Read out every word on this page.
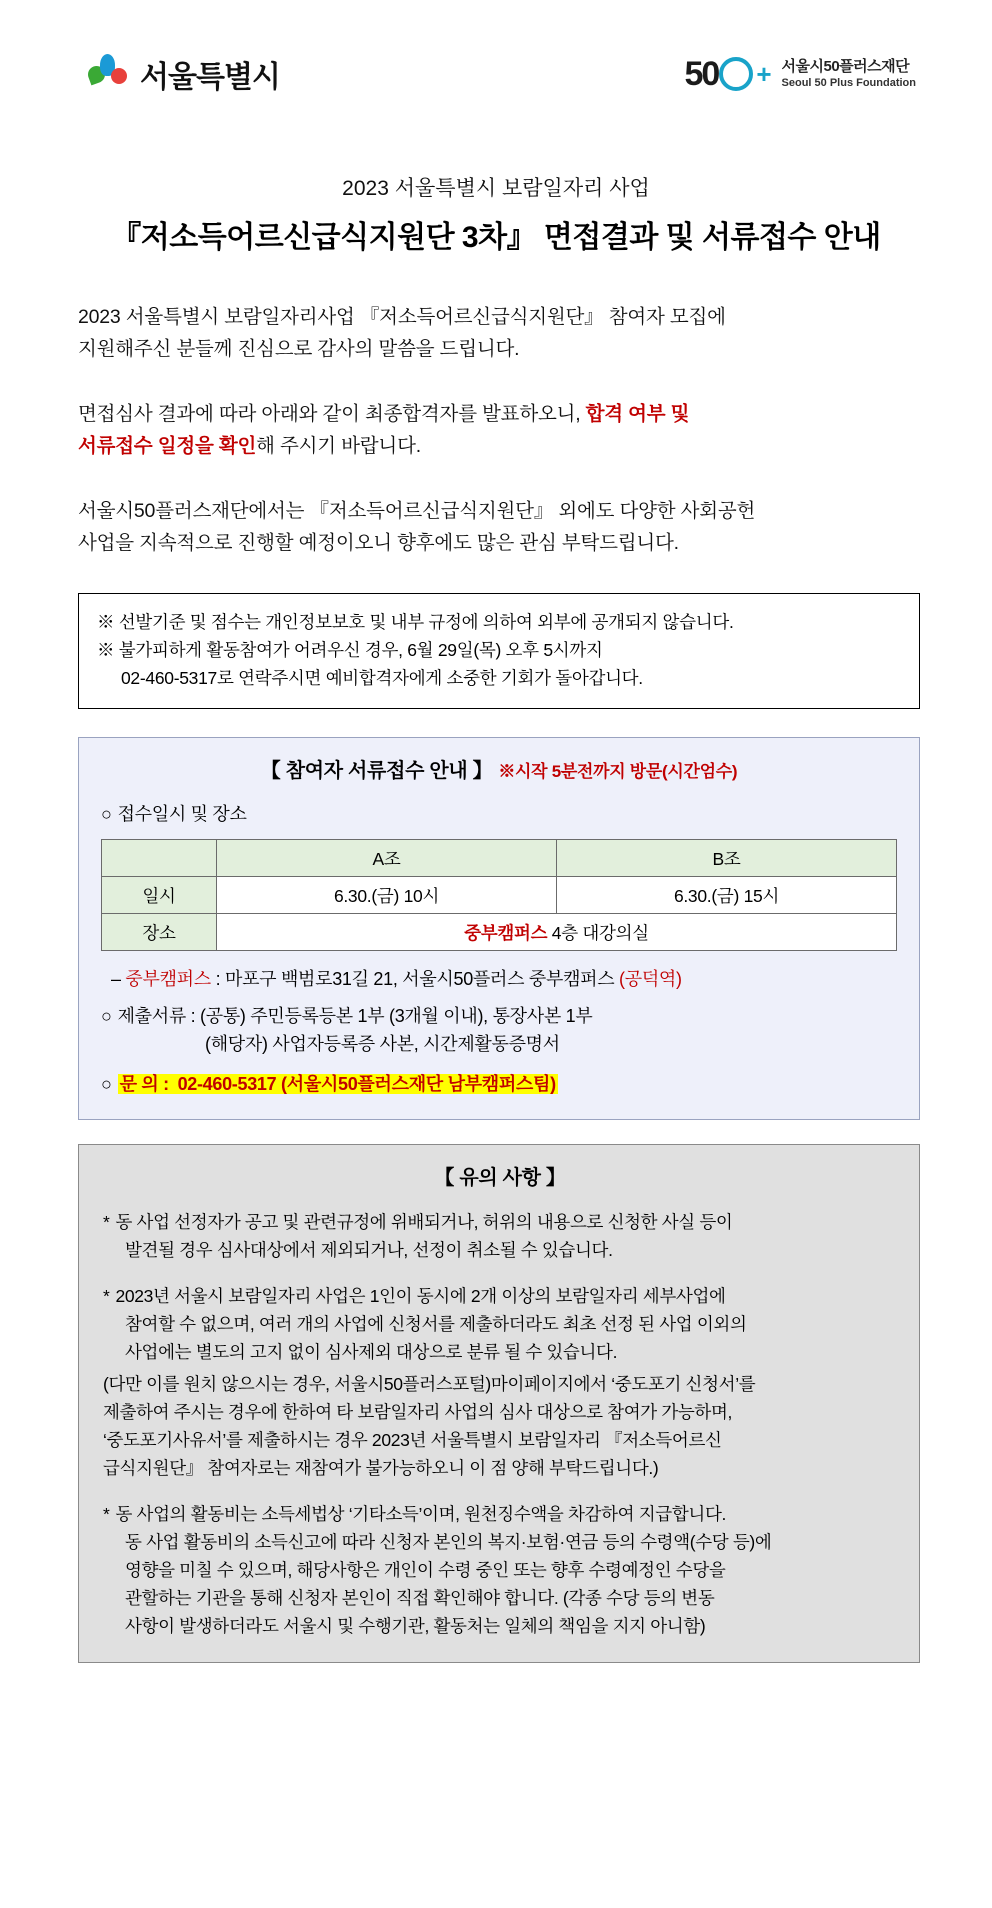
서울특별시	50 + 서울시50플러스재단
Seoul 50 Plus Foundation
2023 서울특별시 보람일자리 사업
『저소득어르신급식지원단 3차』 면접결과 및 서류접수 안내
2023 서울특별시 보람일자리사업 『저소득어르신급식지원단』 참여자 모집에
지원해주신 분들께 진심으로 감사의 말씀을 드립니다.
면접심사 결과에 따라 아래와 같이 최종합격자를 발표하오니, 합격 여부 및
서류접수 일정을 확인해 주시기 바랍니다.
서울시50플러스재단에서는 『저소득어르신급식지원단』 외에도 다양한 사회공헌
사업을 지속적으로 진행할 예정이오니 향후에도 많은 관심 부탁드립니다.
※ 선발기준 및 점수는 개인정보보호 및 내부 규정에 의하여 외부에 공개되지 않습니다.
※ 불가피하게 활동참여가 어려우신 경우, 6월 29일(목) 오후 5시까지
02-460-5317로 연락주시면 예비합격자에게 소중한 기회가 돌아갑니다.
【 참여자 서류접수 안내 】 ※시작 5분전까지 방문(시간엄수)
○ 접수일시 및 장소
	A조	B조
일시	6.30.(금) 10시	6.30.(금) 15시
장소	중부캠퍼스 4층 대강의실	
– 중부캠퍼스 : 마포구 백범로31길 21, 서울시50플러스 중부캠퍼스 (공덕역)
○ 제출서류 : (공통) 주민등록등본 1부 (3개월 이내), 통장사본 1부
(해당자) 사업자등록증 사본, 시간제활동증명서
○ 문 의 : 02-460-5317 (서울시50플러스재단 남부캠퍼스팀)
【 유의 사항 】
* 동 사업 선정자가 공고 및 관련규정에 위배되거나, 허위의 내용으로 신청한 사실 등이
발견될 경우 심사대상에서 제외되거나, 선정이 취소될 수 있습니다.
* 2023년 서울시 보람일자리 사업은 1인이 동시에 2개 이상의 보람일자리 세부사업에
참여할 수 없으며, 여러 개의 사업에 신청서를 제출하더라도 최초 선정 된 사업 이외의
사업에는 별도의 고지 없이 심사제외 대상으로 분류 될 수 있습니다.
(다만 이를 원치 않으시는 경우, 서울시50플러스포털)마이페이지에서 ‘중도포기 신청서’를
제출하여 주시는 경우에 한하여 타 보람일자리 사업의 심사 대상으로 참여가 가능하며,
‘중도포기사유서’를 제출하시는 경우 2023년 서울특별시 보람일자리 『저소득어르신
급식지원단』 참여자로는 재참여가 불가능하오니 이 점 양해 부탁드립니다.)
* 동 사업의 활동비는 소득세법상 ‘기타소득’이며, 원천징수액을 차감하여 지급합니다.
동 사업 활동비의 소득신고에 따라 신청자 본인의 복지·보험·연금 등의 수령액(수당 등)에
영향을 미칠 수 있으며, 해당사항은 개인이 수령 중인 또는 향후 수령예정인 수당을
관할하는 기관을 통해 신청자 본인이 직접 확인해야 합니다. (각종 수당 등의 변동
사항이 발생하더라도 서울시 및 수행기관, 활동처는 일체의 책임을 지지 아니함)
